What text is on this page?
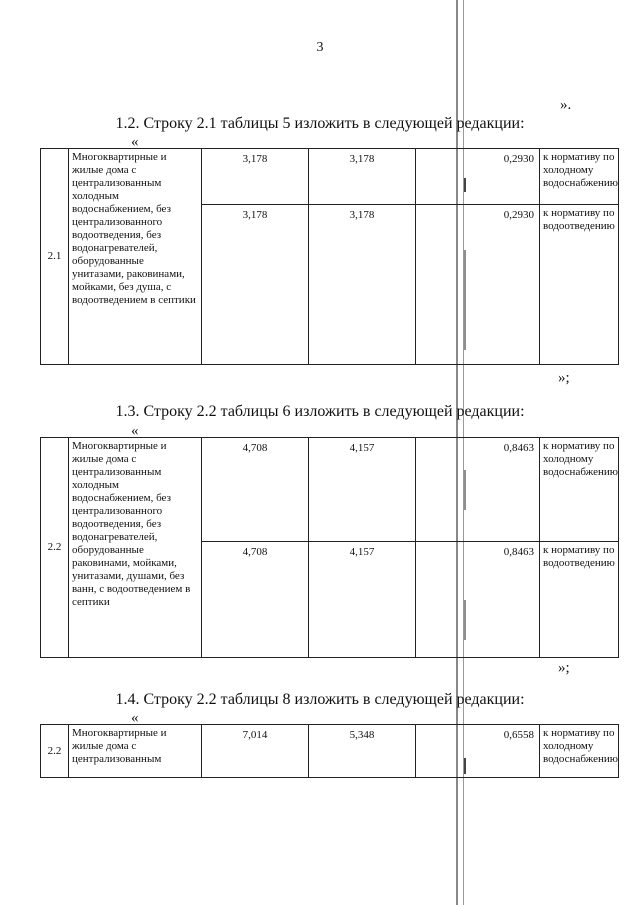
3
».
1.2. Строку 2.1 таблицы 5 изложить в следующей редакции:
«
2.1	Многоквартирные и жилые дома с централизованным холодным водоснабжением, без централизованного водоотведения, без водонагревателей, оборудованные унитазами, раковинами, мойками, без душа, с водоотведением в септики	3,178	3,178	0,2930	к нормативу по холодному водоснабжению
		3,178	3,178	0,2930	к нормативу по водоотведению
»;
1.3. Строку 2.2 таблицы 6 изложить в следующей редакции:
«
2.2	Многоквартирные и жилые дома с централизованным холодным водоснабжением, без централизованного водоотведения, без водонагревателей, оборудованные раковинами, мойками, унитазами, душами, без ванн, с водоотведением в септики	4,708	4,157	0,8463	к нормативу по холодному водоснабжению
		4,708	4,157	0,8463	к нормативу по водоотведению
»;
1.4. Строку 2.2 таблицы 8 изложить в следующей редакции:
«
2.2	Многоквартирные и жилые дома с централизованным	7,014	5,348	0,6558	к нормативу по холодному водоснабжению
